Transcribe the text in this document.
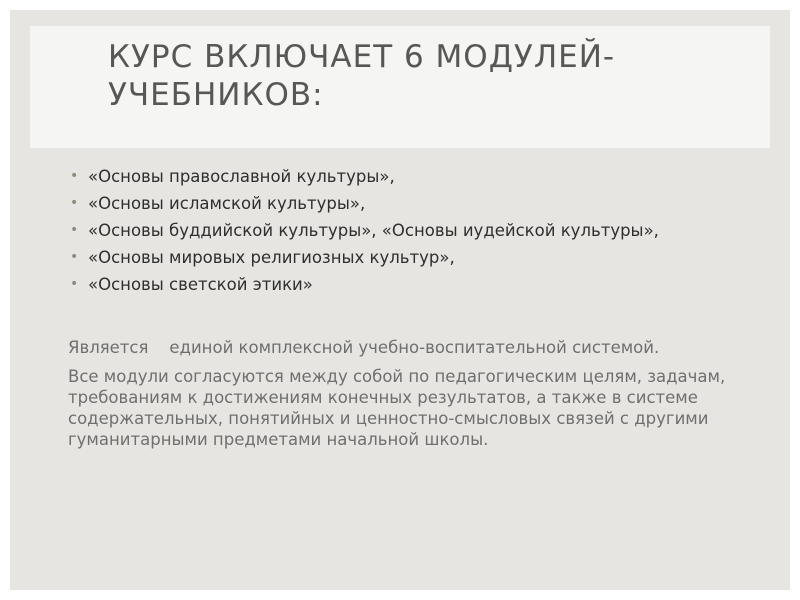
КУРС ВКЛЮЧАЕТ 6 МОДУЛЕЙ-УЧЕБНИКОВ:
• «Основы православной культуры»,
• «Основы исламской культуры»,
• «Основы буддийской культуры», «Основы иудейской культуры»,
• «Основы мировых религиозных культур»,
• «Основы светской этики»

Является    единой комплексной учебно-воспитательной системой.

Все модули согласуются между собой по педагогическим целям, задачам, требованиям к достижениям конечных результатов, а также в системе содержательных, понятийных и ценностно-смысловых связей с другими гуманитарными предметами начальной школы.
